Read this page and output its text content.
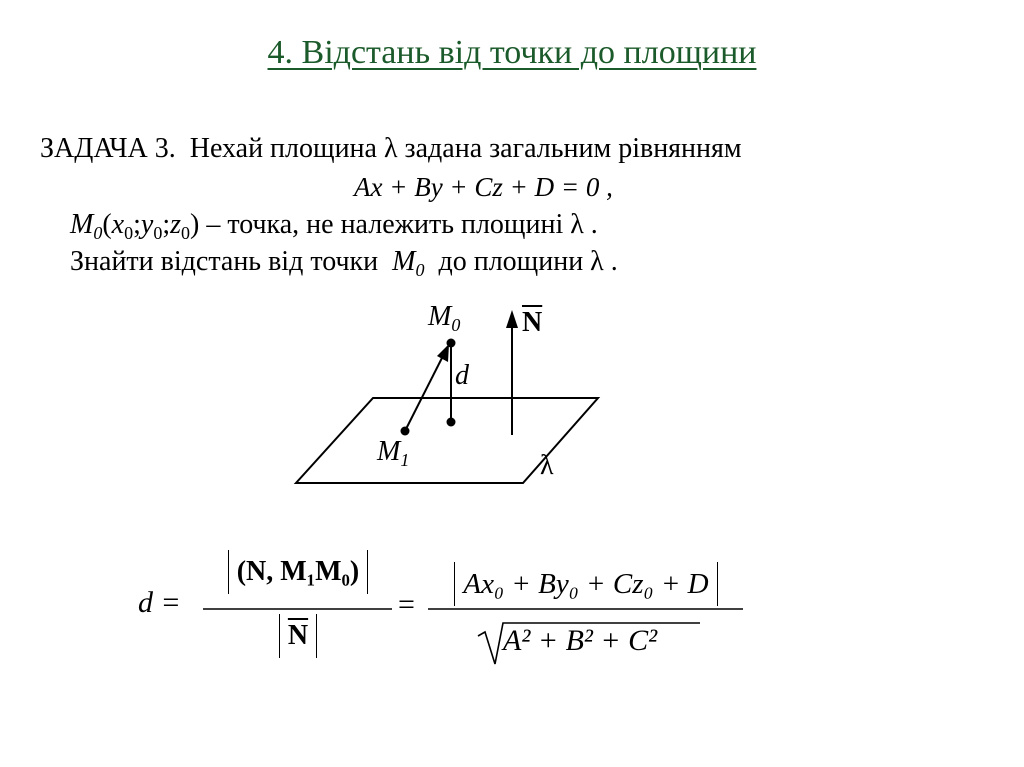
4. Відстань від точки до площини
ЗАДАЧА 3. Нехай площина λ задана загальним рівнянням
Ax + By + Cz + D = 0 ,
$M_0(x_0;y_0;z_0)$ – точка, не належить площині λ .
Знайти відстань від точки $M_0$ до площини λ .
$M_0$ $\overline{N}$
d
$M_1$	λ
d =
(N, M₁M₀)
$\overline{N}$
=
Ax₀ + By₀ + Cz₀ + D
A² + B² + C²
